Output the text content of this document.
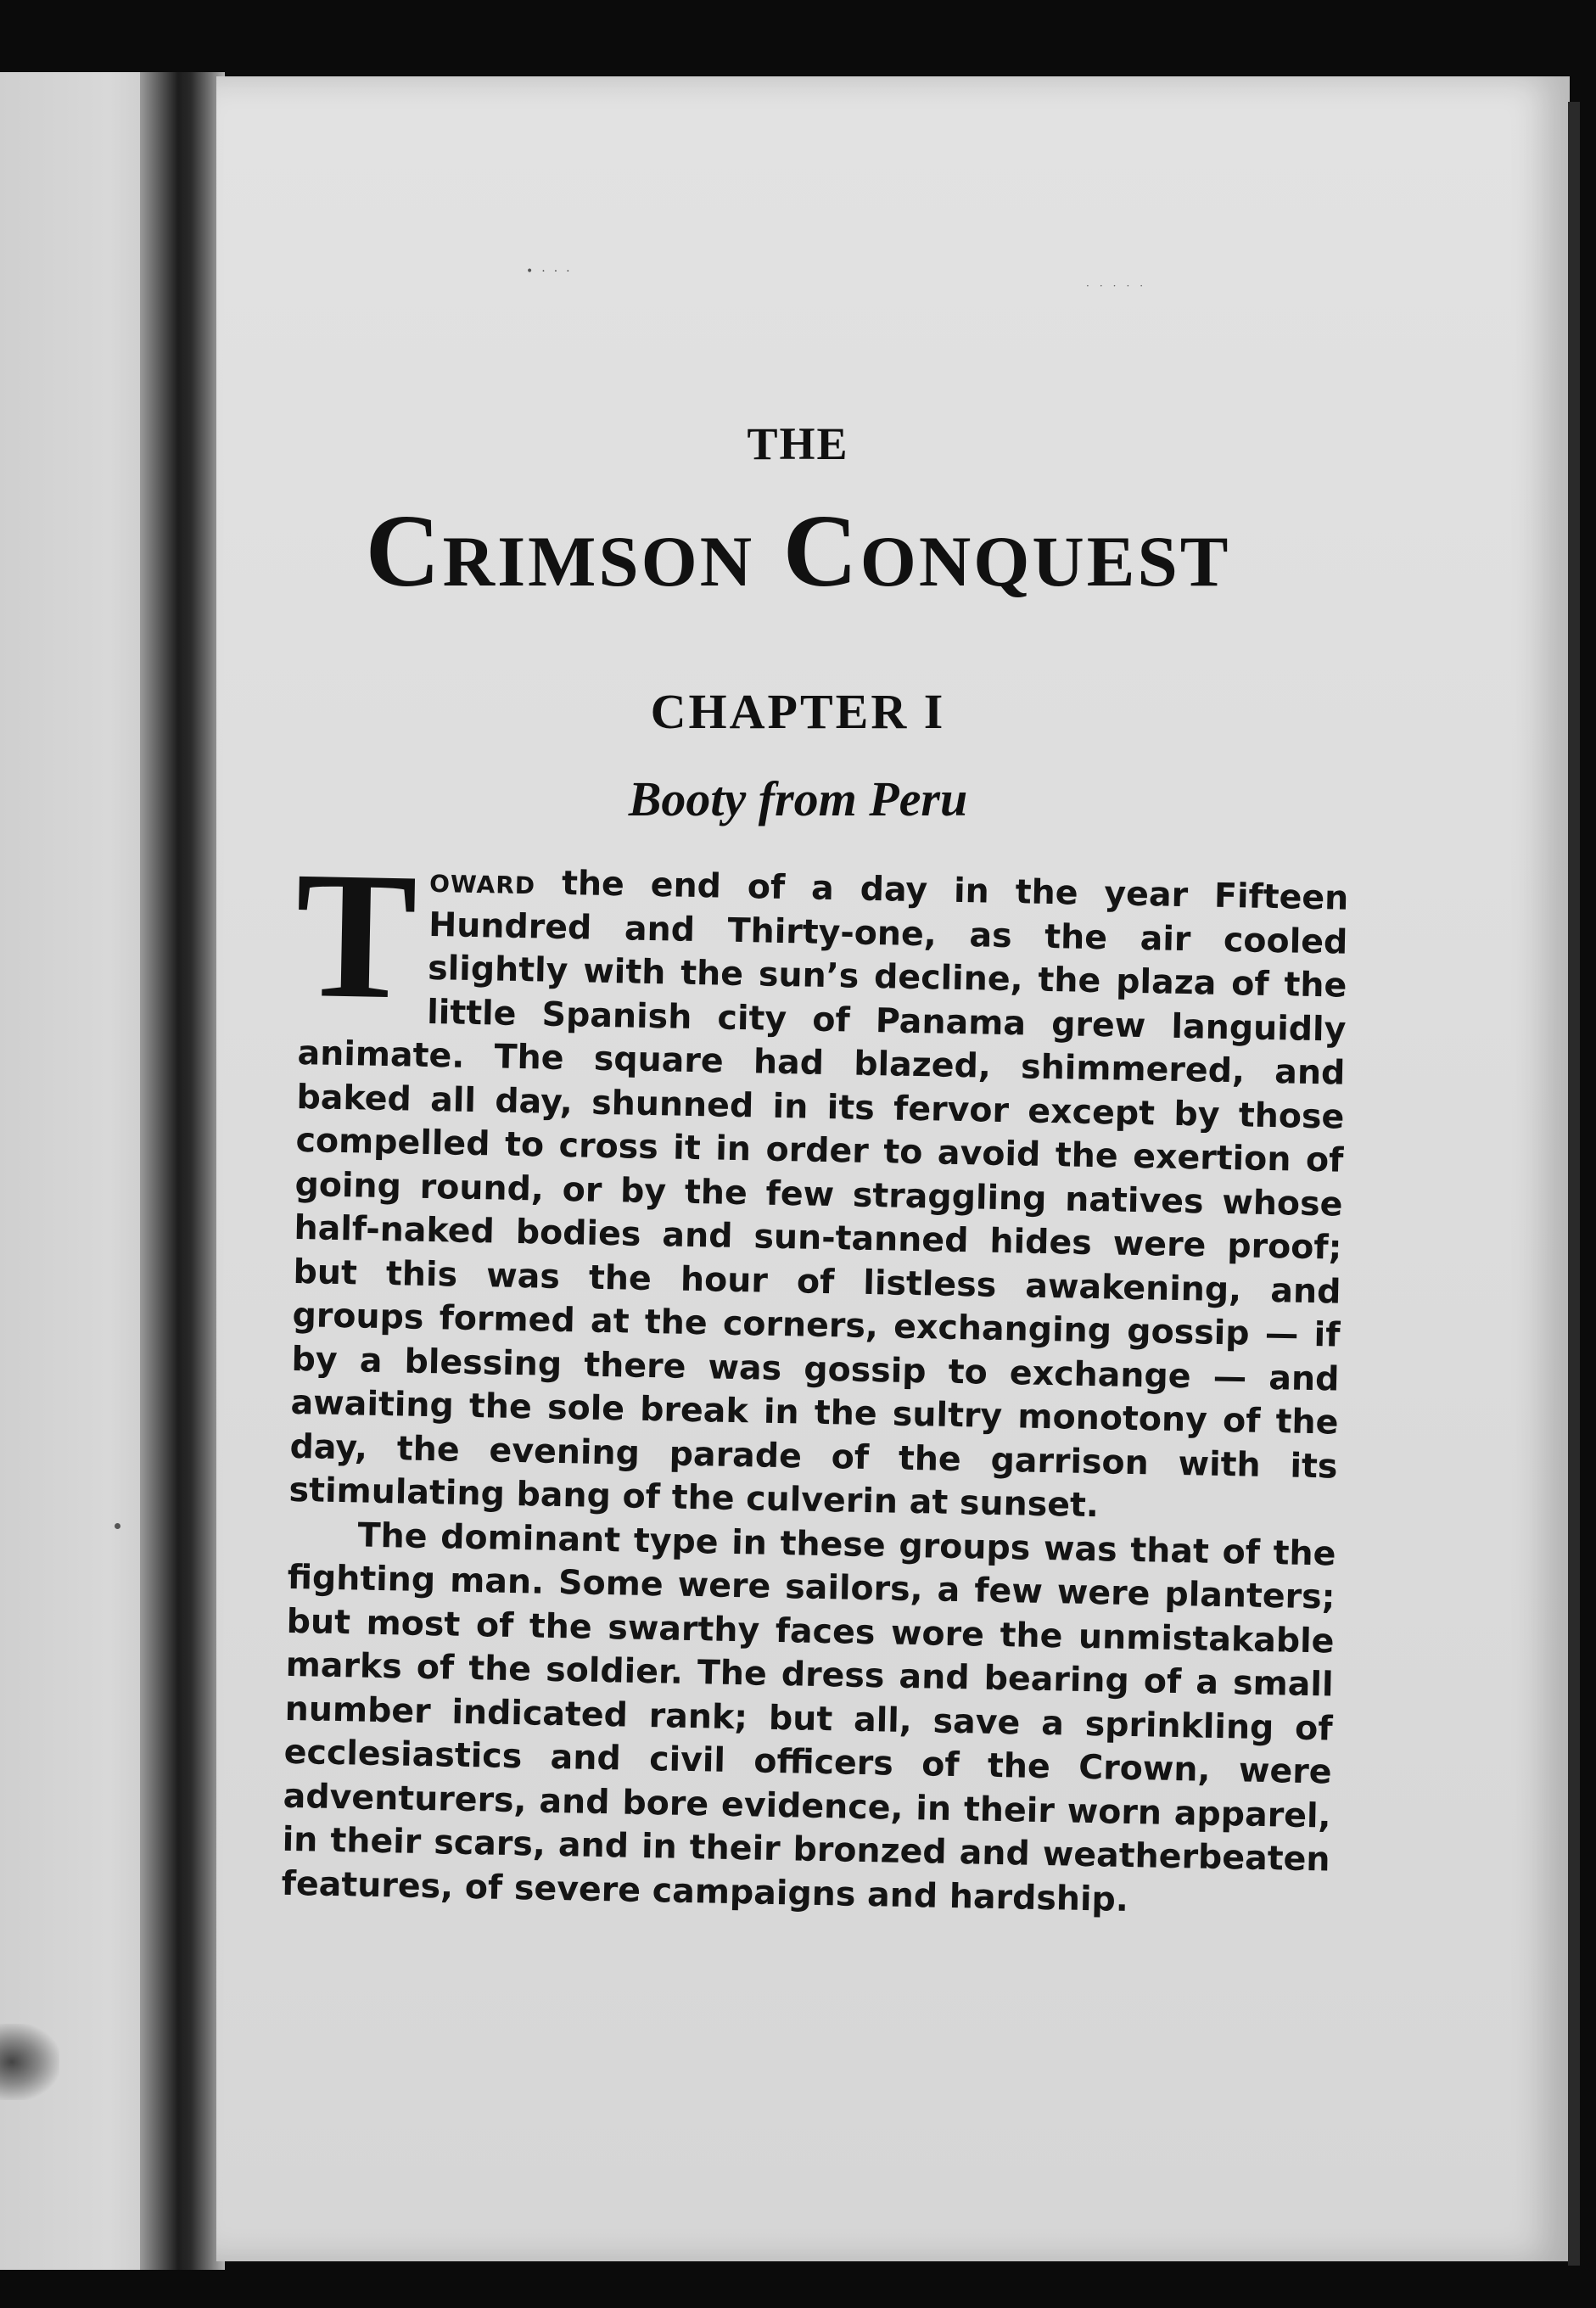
•···
·····
THE
Crimson Conquest
CHAPTER I
Booty from Peru

Toward the end of a day in the year Fifteen Hundred and Thirty-one, as the air cooled slightly with the sun’s decline, the plaza of the little Spanish city of Panama grew languidly animate. The square had blazed, shimmered, and baked all day, shunned in its fervor except by those compelled to cross it in order to avoid the exertion of going round, or by the few straggling natives whose half-naked bodies and sun-tanned hides were proof; but this was the hour of listless awakening, and groups formed at the corners, exchanging gossip — if by a blessing there was gossip to exchange — and awaiting the sole break in the sultry monotony of the day, the evening parade of the garrison with its stimulating bang of the culverin at sunset.

The dominant type in these groups was that of the fighting man. Some were sailors, a few were planters; but most of the swarthy faces wore the unmistakable marks of the soldier. The dress and bearing of a small number indicated rank; but all, save a sprinkling of ecclesiastics and civil officers of the Crown, were adventurers, and bore evidence, in their worn apparel, in their scars, and in their bronzed and weatherbeaten features, of severe campaigns and hardship.
